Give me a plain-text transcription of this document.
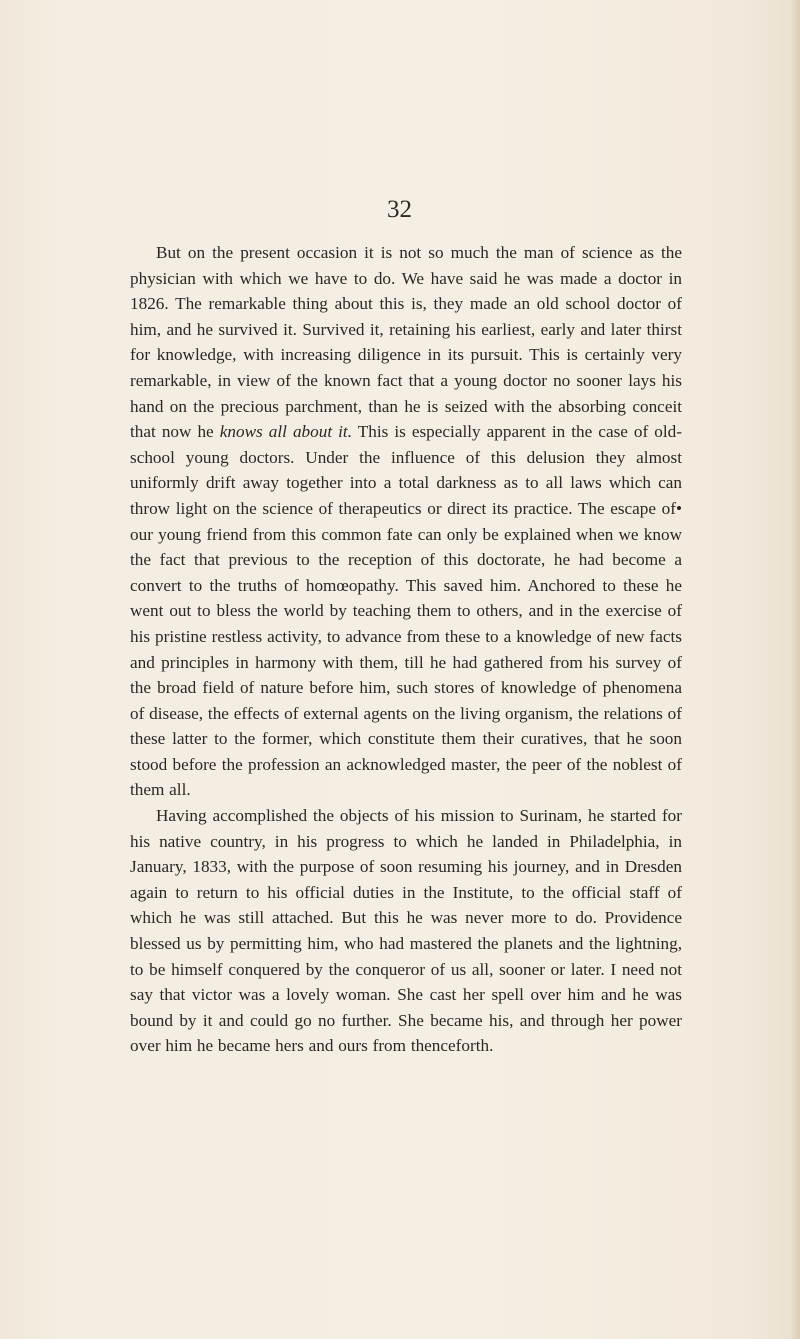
32

But on the present occasion it is not so much the man of science as the physician with which we have to do. We have said he was made a doctor in 1826. The remarkable thing about this is, they made an old school doctor of him, and he survived it. Survived it, retaining his earliest, early and later thirst for knowledge, with increasing diligence in its pursuit. This is certainly very remarkable, in view of the known fact that a young doctor no sooner lays his hand on the precious parchment, than he is seized with the absorbing conceit that now he knows all about it. This is especially apparent in the case of old-school young doctors. Under the influence of this delusion they almost uniformly drift away together into a total darkness as to all laws which can throw light on the science of therapeutics or direct its practice. The escape of• our young friend from this common fate can only be explained when we know the fact that previous to the reception of this doctorate, he had become a convert to the truths of homœopathy. This saved him. Anchored to these he went out to bless the world by teaching them to others, and in the exercise of his pristine restless activity, to advance from these to a knowledge of new facts and principles in harmony with them, till he had gathered from his survey of the broad field of nature before him, such stores of knowledge of phenomena of disease, the effects of external agents on the living organism, the relations of these latter to the former, which constitute them their curatives, that he soon stood before the profession an acknowledged master, the peer of the noblest of them all.

Having accomplished the objects of his mission to Surinam, he started for his native country, in his progress to which he landed in Philadelphia, in January, 1833, with the purpose of soon resuming his journey, and in Dresden again to return to his official duties in the Institute, to the official staff of which he was still attached. But this he was never more to do. Providence blessed us by permitting him, who had mastered the planets and the lightning, to be himself conquered by the conqueror of us all, sooner or later. I need not say that victor was a lovely woman. She cast her spell over him and he was bound by it and could go no further. She became his, and through her power over him he became hers and ours from thenceforth.
